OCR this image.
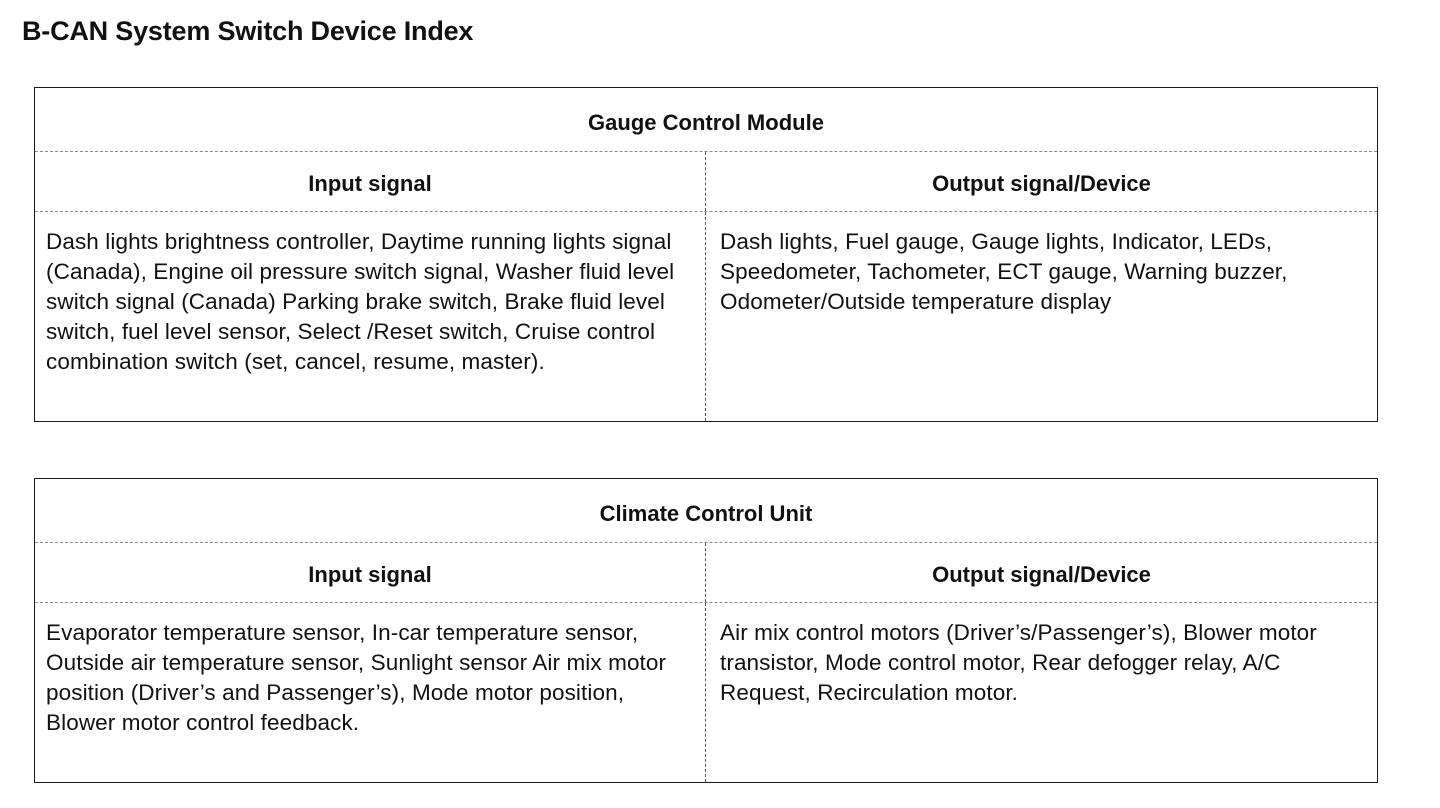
B-CAN System Switch Device Index
Gauge Control Module
Input signal	Output signal/Device
Dash lights brightness controller, Daytime running lights signal (Canada), Engine oil pressure switch signal, Washer fluid level switch signal (Canada) Parking brake switch, Brake fluid level switch, fuel level sensor, Select /Reset switch, Cruise control combination switch (set, cancel, resume, master).
Dash lights, Fuel gauge, Gauge lights, Indicator, LEDs, Speedometer, Tachometer, ECT gauge, Warning buzzer, Odometer/Outside temperature display
Climate Control Unit
Input signal	Output signal/Device
Evaporator temperature sensor, In-car temperature sensor, Outside air temperature sensor, Sunlight sensor Air mix motor position (Driver’s and Passenger’s), Mode motor position, Blower motor control feedback.
Air mix control motors (Driver’s/Passenger’s), Blower motor transistor, Mode control motor, Rear defogger relay, A/C Request, Recirculation motor.
